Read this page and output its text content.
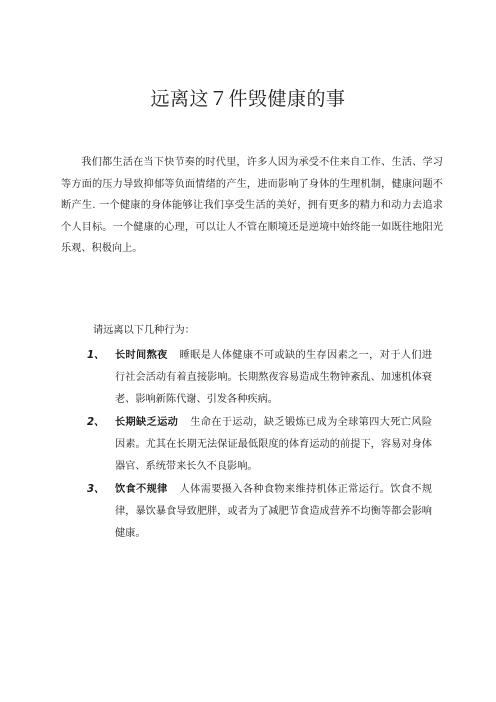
远离这７件毁健康的事

我们都生活在当下快节奏的时代里，许多人因为承受不住来自工作、生活、学习等方面的压力导致抑郁等负面情绪的产生，进而影响了身体的生理机制，健康问题不断产生. 一个健康的身体能够让我们享受生活的美好，拥有更多的精力和动力去追求个人目标。一个健康的心理，可以让人不管在顺境还是逆境中始终能一如既往地阳光乐观、积极向上。

请远离以下几种行为：

1、 长时间熬夜 睡眠是人体健康不可或缺的生存因素之一，对于人们进行社会活动有着直接影响。长期熬夜容易造成生物钟紊乱、加速机体衰老、影响新陈代谢、引发各种疾病。
2、 长期缺乏运动 生命在于运动，缺乏锻炼已成为全球第四大死亡风险因素。尤其在长期无法保证最低限度的体育运动的前提下，容易对身体器官、系统带来长久不良影响。
3、 饮食不规律 人体需要摄入各种食物来维持机体正常运行。饮食不规律，暴饮暴食导致肥胖，或者为了减肥节食造成营养不均衡等都会影响健康。
